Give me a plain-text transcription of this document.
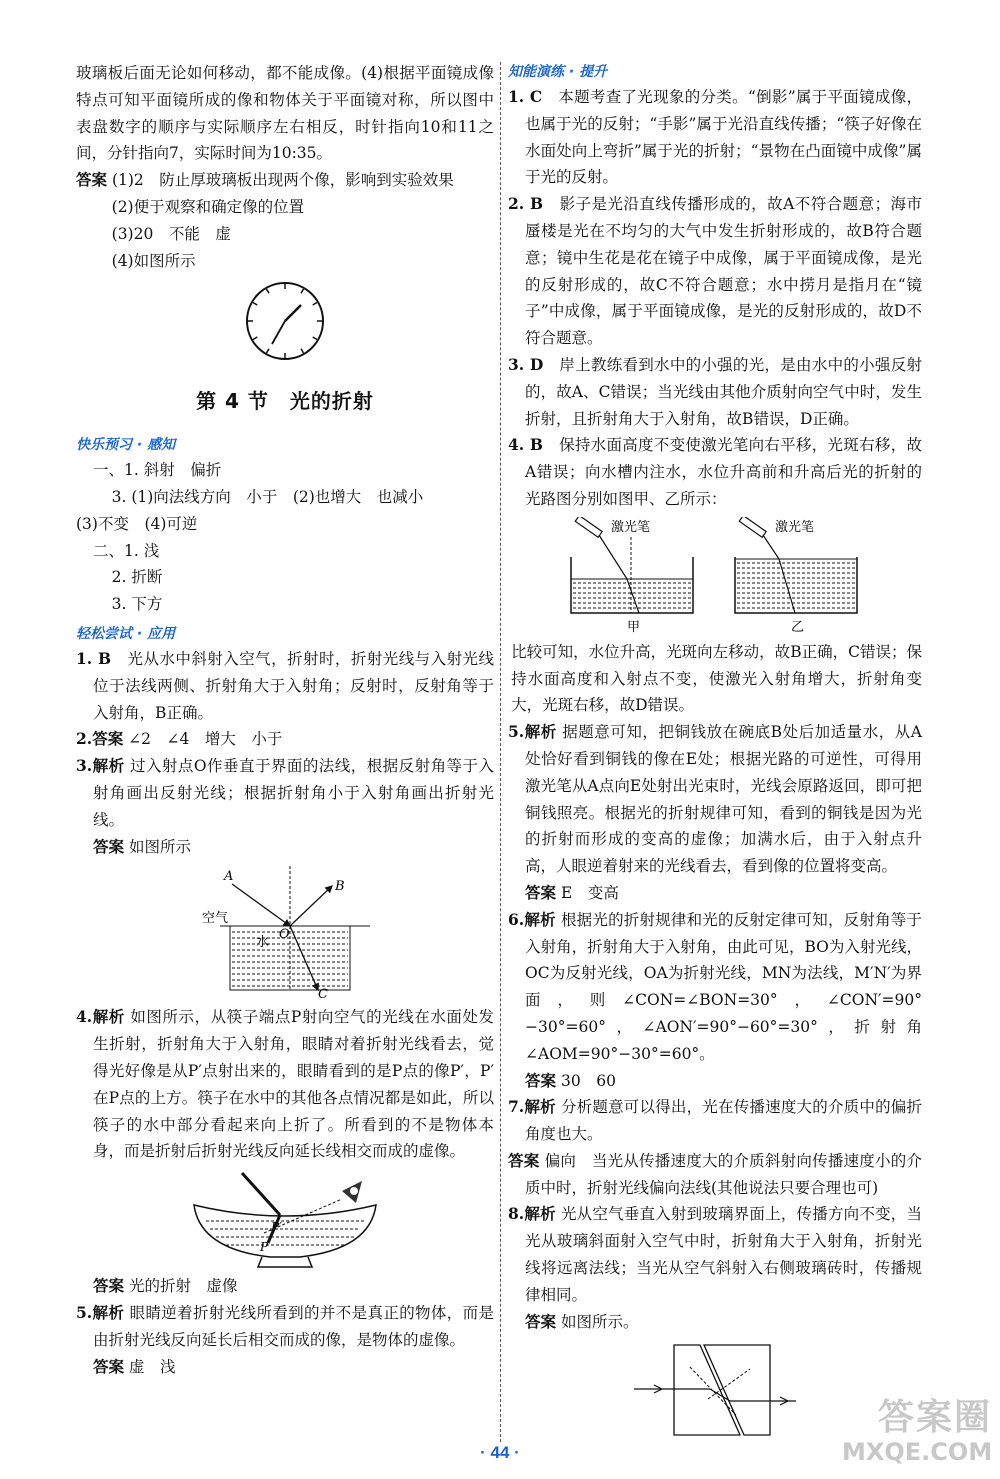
玻璃板后面无论如何移动，都不能成像。(4)根据平面镜成像特点可知平面镜所成的像和物体关于平面镜对称，所以图中表盘数字的顺序与实际顺序左右相反，时针指向10和11之间，分针指向7，实际时间为10:35。

答案 (1)2　防止厚玻璃板出现两个像，影响到实验效果

(2)便于观察和确定像的位置

(3)20　不能　虚

(4)如图所示

第 4 节　光的折射
快乐预习 · 感知

一、1. 斜射　偏折

3. (1)向法线方向　小于　(2)也增大　也减小

(3)不变　(4)可逆

二、1. 浅

2. 折断

3. 下方

轻松尝试 · 应用

1. B　光从水中斜射入空气，折射时，折射光线与入射光线位于法线两侧、折射角大于入射角；反射时，反射角等于入射角，B正确。

2.答案 ∠2　∠4　增大　小于

3.解析 过入射点O作垂直于界面的法线，根据反射角等于入射角画出反射光线；根据折射角小于入射角画出折射光线。

答案 如图所示

A
B
C
O
空气
水

4.解析 如图所示，从筷子端点P射向空气的光线在水面处发生折射，折射角大于入射角，眼睛对着折射光线看去，觉得光好像是从P′点射出来的，眼睛看到的是P点的像P′，P′在P点的上方。筷子在水中的其他各点情况都是如此，所以筷子的水中部分看起来向上折了。所看到的不是物体本身，而是折射后折射光线反向延长线相交而成的虚像。

P′
P

答案 光的折射　虚像

5.解析 眼睛逆着折射光线所看到的并不是真正的物体，而是由折射光线反向延长后相交而成的像，是物体的虚像。

答案 虚　浅

知能演练 · 提升

1. C　本题考查了光现象的分类。“倒影”属于平面镜成像，也属于光的反射；“手影”属于光沿直线传播；“筷子好像在水面处向上弯折”属于光的折射；“景物在凸面镜中成像”属于光的反射。

2. B　影子是光沿直线传播形成的，故A不符合题意；海市蜃楼是光在不均匀的大气中发生折射形成的，故B符合题意；镜中生花是花在镜子中成像，属于平面镜成像，是光的反射形成的，故C不符合题意；水中捞月是指月在“镜子”中成像，属于平面镜成像，是光的反射形成的，故D不符合题意。

3. D　岸上教练看到水中的小强的光，是由水中的小强反射的，故A、C错误；当光线由其他介质射向空气中时，发生折射，且折射角大于入射角，故B错误，D正确。

4. B　保持水面高度不变使激光笔向右平移，光斑右移，故A错误；向水槽内注水，水位升高前和升高后光的折射的光路图分别如图甲、乙所示：

激光笔
甲
激光笔
乙

比较可知，水位升高，光斑向左移动，故B正确，C错误；保持水面高度和入射点不变，使激光入射角增大，折射角变大，光斑右移，故D错误。

5.解析 据题意可知，把铜钱放在碗底B处后加适量水，从A处恰好看到铜钱的像在E处；根据光路的可逆性，可得用激光笔从A点向E处射出光束时，光线会原路返回，即可把铜钱照亮。根据光的折射规律可知，看到的铜钱是因为光的折射而形成的变高的虚像；加满水后，由于入射点升高，人眼逆着射来的光线看去，看到像的位置将变高。

答案 E　变高

6.解析 根据光的折射规律和光的反射定律可知，反射角等于入射角，折射角大于入射角，由此可见，BO为入射光线，OC为反射光线，OA为折射光线，MN为法线，M′N′为界面，则∠CON=∠BON=30°，∠CON′=90°−30°=60°，∠AON′=90°−60°=30°，折射角∠AOM=90°−30°=60°。

答案 30　60

7.解析 分析题意可以得出，光在传播速度大的介质中的偏折角度也大。

答案 偏向　当光从传播速度大的介质斜射向传播速度小的介质中时，折射光线偏向法线(其他说法只要合理也可)

8.解析 光从空气垂直入射到玻璃界面上，传播方向不变，当光从玻璃斜面射入空气中时，折射角大于入射角，折射光线将远离法线；当光从空气斜射入右侧玻璃砖时，传播规律相同。

答案 如图所示。

· 44 ·
答案圈
MXQE.COM
